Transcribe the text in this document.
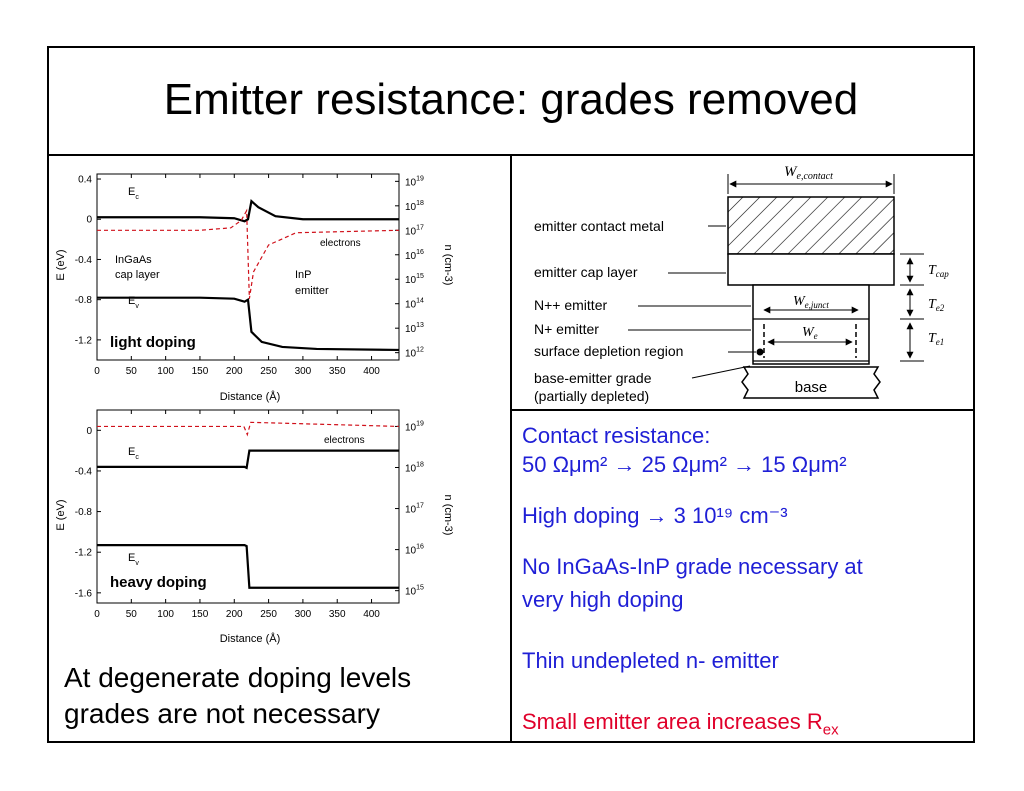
Emitter resistance: grades removed
0	50 100 150 200 250 300 350 400
0.4
0
-0.4
-0.8
-1.2
$10^{19}$
$10^{18}$
$10^{17}$
$10^{16}$
$10^{15}$
$10^{14}$
$10^{13}$
$10^{12}$
$E_c$
$E_v$
electrons
InGaAs
cap layer	InP
emitter
light doping
Distance (Å)
E (eV)	n (cm-3)
0	50 100 150 200 250 300 350 400
0
-0.4
-0.8
-1.2
-1.6
$10^{19}$
$10^{18}$
$10^{17}$
$10^{16}$
$10^{15}$
$E_c$
$E_v$
electrons
heavy doping
Distance (Å)
E (eV)	n (cm-3)
At degenerate doping levels
grades are not necessary
$W_{e,contact}$
$W_{e,junct}$
$W_e$
base
$T_{cap}$
$T_{e2}$
$T_{e1}$
emitter contact metal
emitter cap layer
N++ emitter
N+ emitter
surface depletion region
base-emitter grade
(partially depleted)
Contact resistance:
50 Ωμm² → 25 Ωμm² → 15 Ωμm²
High doping → 3 10¹⁹ cm⁻³
No InGaAs-InP grade necessary at
very high doping
Thin undepleted n- emitter
Small emitter area increases $R_{ex}$
